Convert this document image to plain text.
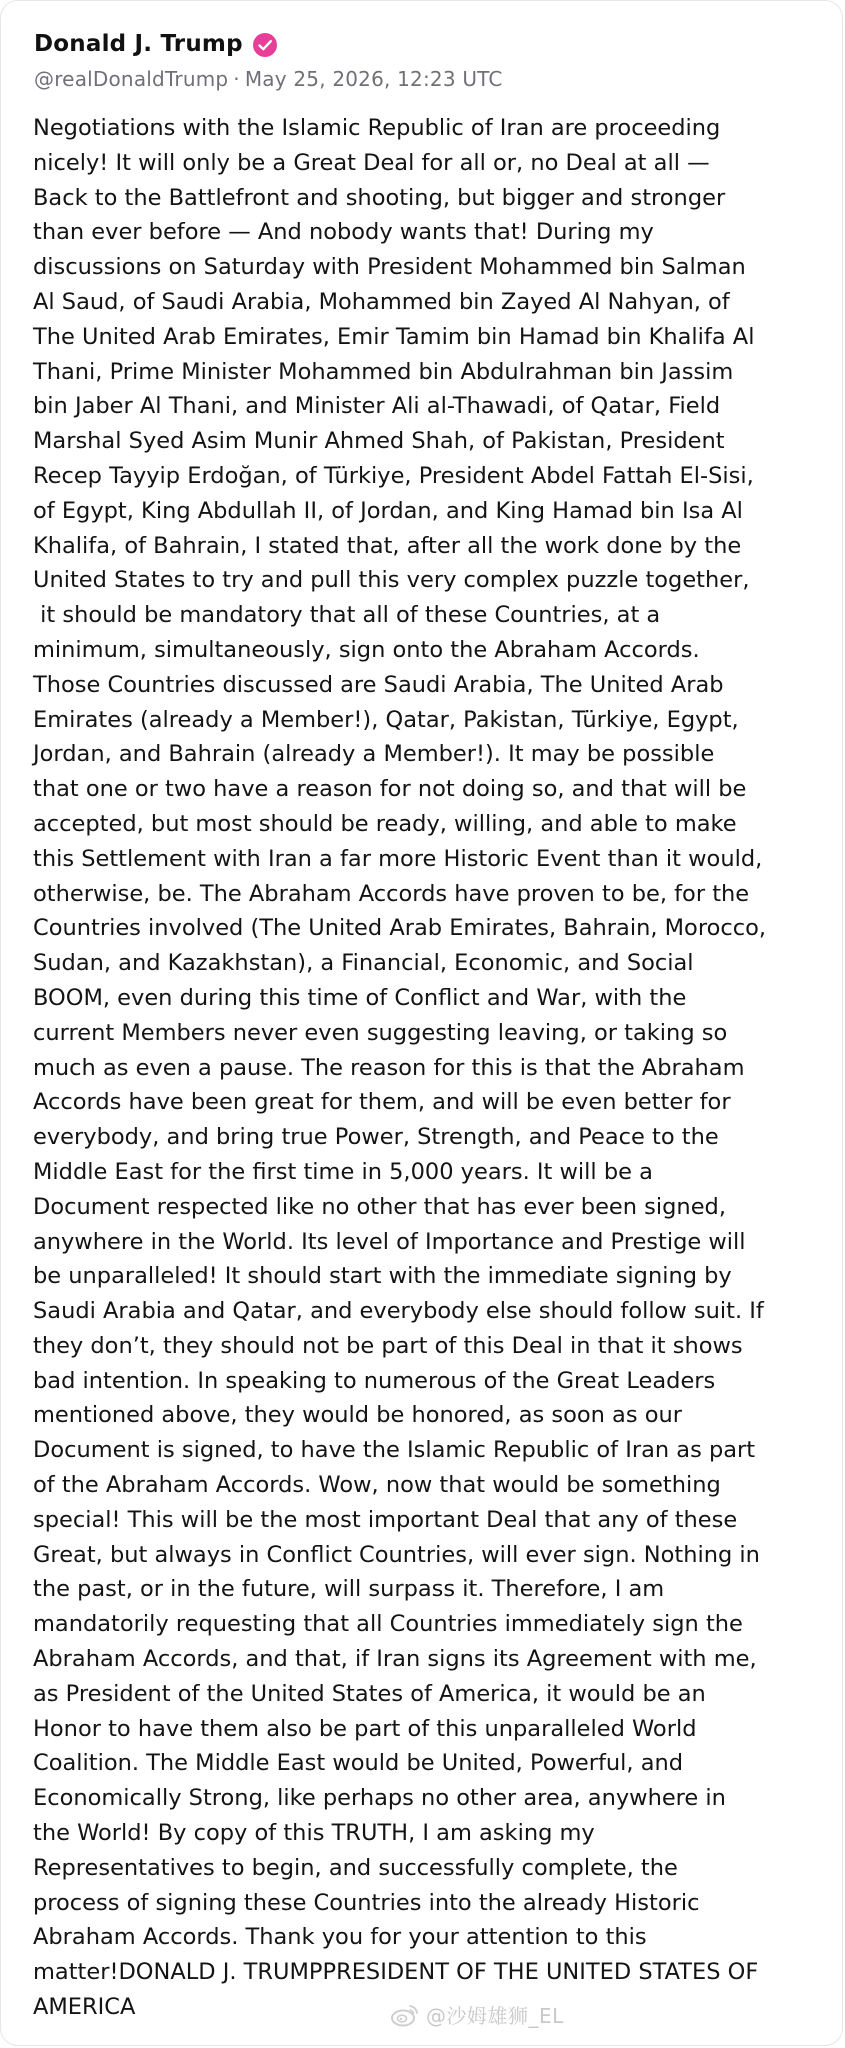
Donald J. Trump
@realDonaldTrump · May 25, 2026, 12:23 UTC
Negotiations with the Islamic Republic of Iran are proceeding
nicely! It will only be a Great Deal for all or, no Deal at all —
Back to the Battlefront and shooting, but bigger and stronger
than ever before — And nobody wants that! During my
discussions on Saturday with President Mohammed bin Salman
Al Saud, of Saudi Arabia, Mohammed bin Zayed Al Nahyan, of
The United Arab Emirates, Emir Tamim bin Hamad bin Khalifa Al
Thani, Prime Minister Mohammed bin Abdulrahman bin Jassim
bin Jaber Al Thani, and Minister Ali al-Thawadi, of Qatar, Field
Marshal Syed Asim Munir Ahmed Shah, of Pakistan, President
Recep Tayyip Erdoğan, of Türkiye, President Abdel Fattah El-Sisi,
of Egypt, King Abdullah II, of Jordan, and King Hamad bin Isa Al
Khalifa, of Bahrain, I stated that, after all the work done by the
United States to try and pull this very complex puzzle together,
it should be mandatory that all of these Countries, at a
minimum, simultaneously, sign onto the Abraham Accords.
Those Countries discussed are Saudi Arabia, The United Arab
Emirates (already a Member!), Qatar, Pakistan, Türkiye, Egypt,
Jordan, and Bahrain (already a Member!). It may be possible
that one or two have a reason for not doing so, and that will be
accepted, but most should be ready, willing, and able to make
this Settlement with Iran a far more Historic Event than it would,
otherwise, be. The Abraham Accords have proven to be, for the
Countries involved (The United Arab Emirates, Bahrain, Morocco,
Sudan, and Kazakhstan), a Financial, Economic, and Social
BOOM, even during this time of Conflict and War, with the
current Members never even suggesting leaving, or taking so
much as even a pause. The reason for this is that the Abraham
Accords have been great for them, and will be even better for
everybody, and bring true Power, Strength, and Peace to the
Middle East for the first time in 5,000 years. It will be a
Document respected like no other that has ever been signed,
anywhere in the World. Its level of Importance and Prestige will
be unparalleled! It should start with the immediate signing by
Saudi Arabia and Qatar, and everybody else should follow suit. If
they don’t, they should not be part of this Deal in that it shows
bad intention. In speaking to numerous of the Great Leaders
mentioned above, they would be honored, as soon as our
Document is signed, to have the Islamic Republic of Iran as part
of the Abraham Accords. Wow, now that would be something
special! This will be the most important Deal that any of these
Great, but always in Conflict Countries, will ever sign. Nothing in
the past, or in the future, will surpass it. Therefore, I am
mandatorily requesting that all Countries immediately sign the
Abraham Accords, and that, if Iran signs its Agreement with me,
as President of the United States of America, it would be an
Honor to have them also be part of this unparalleled World
Coalition. The Middle East would be United, Powerful, and
Economically Strong, like perhaps no other area, anywhere in
the World! By copy of this TRUTH, I am asking my
Representatives to begin, and successfully complete, the
process of signing these Countries into the already Historic
Abraham Accords. Thank you for your attention to this
matter!DONALD J. TRUMPPRESIDENT OF THE UNITED STATES OF
AMERICA	@沙姆雄狮_EL
